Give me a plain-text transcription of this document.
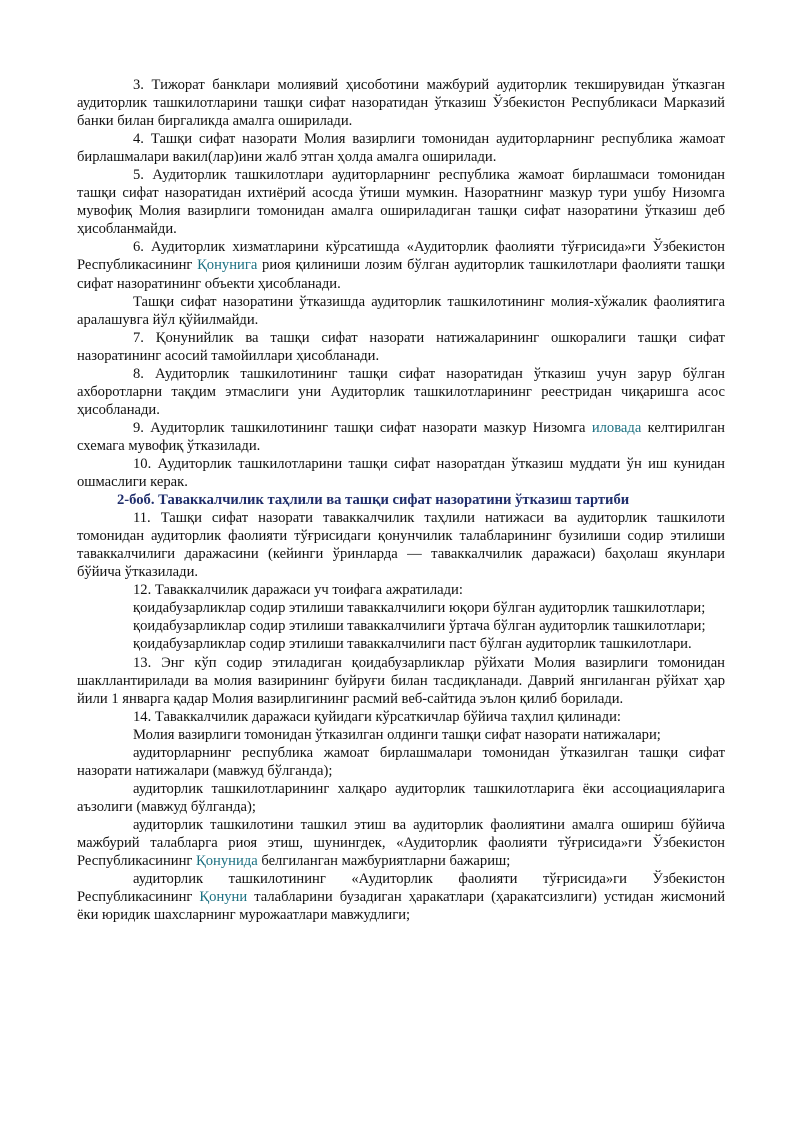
3. Тижорат банклари молиявий ҳисоботини мажбурий аудиторлик текширувидан ўтказган аудиторлик ташкилотларини ташқи сифат назоратидан ўтказиш Ўзбекистон Республикаси Марказий банки билан биргаликда амалга оширилади.

4. Ташқи сифат назорати Молия вазирлиги томонидан аудиторларнинг республика жамоат бирлашмалари вакил(лар)ини жалб этган ҳолда амалга оширилади.

5. Аудиторлик ташкилотлари аудиторларнинг республика жамоат бирлашмаси томонидан ташқи сифат назоратидан ихтиёрий асосда ўтиши мумкин. Назоратнинг мазкур тури ушбу Низомга мувофиқ Молия вазирлиги томонидан амалга ошириладиган ташқи сифат назоратини ўтказиш деб ҳисобланмайди.

6. Аудиторлик хизматларини кўрсатишда «Аудиторлик фаолияти тўғрисида»ги Ўзбекистон Республикасининг Қонунига риоя қилиниши лозим бўлган аудиторлик ташкилотлари фаолияти ташқи сифат назоратининг объекти ҳисобланади.

Ташқи сифат назоратини ўтказишда аудиторлик ташкилотининг молия-хўжалик фаолиятига аралашувга йўл қўйилмайди.

7. Қонунийлик ва ташқи сифат назорати натижаларининг ошкоралиги ташқи сифат назоратининг асосий тамойиллари ҳисобланади.

8. Аудиторлик ташкилотининг ташқи сифат назоратидан ўтказиш учун зарур бўлган ахборотларни тақдим этмаслиги уни Аудиторлик ташкилотларининг реестридан чиқаришга асос ҳисобланади.

9. Аудиторлик ташкилотининг ташқи сифат назорати мазкур Низомга иловада келтирилган схемага мувофиқ ўтказилади.

10. Аудиторлик ташкилотларини ташқи сифат назоратдан ўтказиш муддати ўн иш кунидан ошмаслиги керак.

2-боб. Таваккалчилик таҳлили ва ташқи сифат назоратини ўтказиш тартиби

11. Ташқи сифат назорати таваккалчилик таҳлили натижаси ва аудиторлик ташкилоти томонидан аудиторлик фаолияти тўғрисидаги қонунчилик талабларининг бузилиши содир этилиши таваккалчилиги даражасини (кейинги ўринларда — таваккалчилик даражаси) баҳолаш якунлари бўйича ўтказилади.

12. Таваккалчилик даражаси уч тоифага ажратилади:

қоидабузарликлар содир этилиши таваккалчилиги юқори бўлган аудиторлик ташкилотлари;

қоидабузарликлар содир этилиши таваккалчилиги ўртача бўлган аудиторлик ташкилотлари;

қоидабузарликлар содир этилиши таваккалчилиги паст бўлган аудиторлик ташкилотлари.

13. Энг кўп содир этиладиган қоидабузарликлар рўйхати Молия вазирлиги томонидан шакллантирилади ва молия вазирининг буйруғи билан тасдиқланади. Даврий янгиланган рўйхат ҳар йили 1 январга қадар Молия вазирлигининг расмий веб-сайтида эълон қилиб борилади.

14. Таваккалчилик даражаси қуйидаги кўрсаткичлар бўйича таҳлил қилинади:

Молия вазирлиги томонидан ўтказилган олдинги ташқи сифат назорати натижалари;

аудиторларнинг республика жамоат бирлашмалари томонидан ўтказилган ташқи сифат назорати натижалари (мавжуд бўлганда);

аудиторлик ташкилотларининг халқаро аудиторлик ташкилотларига ёки ассоциацияларига аъзолиги (мавжуд бўлганда);

аудиторлик ташкилотини ташкил этиш ва аудиторлик фаолиятини амалга ошириш бўйича мажбурий талабларга риоя этиш, шунингдек, «Аудиторлик фаолияти тўғрисида»ги Ўзбекистон Республикасининг Қонунида белгиланган мажбуриятларни бажариш;

аудиторлик ташкилотининг «Аудиторлик фаолияти тўғрисида»ги Ўзбекистон Республикасининг Қонуни талабларини бузадиган ҳаракатлари (ҳаракатсизлиги) устидан жисмоний ёки юридик шахсларнинг мурожаатлари мавжудлиги;
